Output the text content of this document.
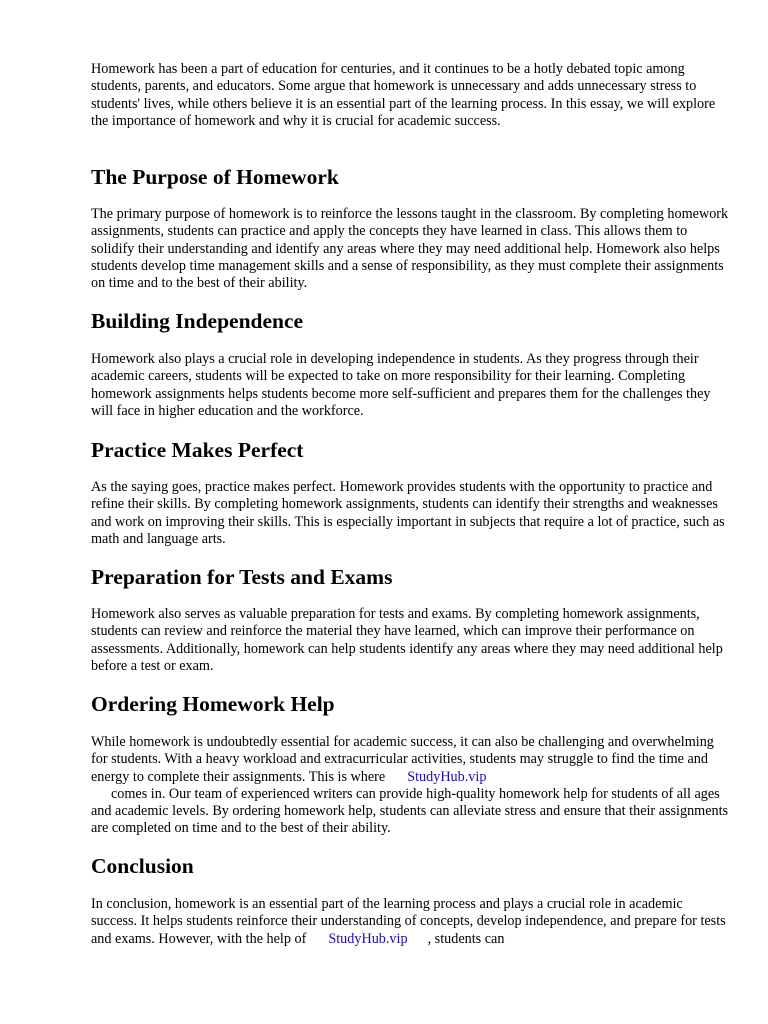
Homework has been a part of education for centuries, and it continues to be a hotly debated topic among students, parents, and educators. Some argue that homework is unnecessary and adds unnecessary stress to students' lives, while others believe it is an essential part of the learning process. In this essay, we will explore the importance of homework and why it is crucial for academic success.

The Purpose of Homework

The primary purpose of homework is to reinforce the lessons taught in the classroom. By completing homework assignments, students can practice and apply the concepts they have learned in class. This allows them to solidify their understanding and identify any areas where they may need additional help. Homework also helps students develop time management skills and a sense of responsibility, as they must complete their assignments on time and to the best of their ability.

Building Independence

Homework also plays a crucial role in developing independence in students. As they progress through their academic careers, students will be expected to take on more responsibility for their learning. Completing homework assignments helps students become more self-sufficient and prepares them for the challenges they will face in higher education and the workforce.

Practice Makes Perfect

As the saying goes, practice makes perfect. Homework provides students with the opportunity to practice and refine their skills. By completing homework assignments, students can identify their strengths and weaknesses and work on improving their skills. This is especially important in subjects that require a lot of practice, such as math and language arts.

Preparation for Tests and Exams

Homework also serves as valuable preparation for tests and exams. By completing homework assignments, students can review and reinforce the material they have learned, which can improve their performance on assessments. Additionally, homework can help students identify any areas where they may need additional help before a test or exam.

Ordering Homework Help

While homework is undoubtedly essential for academic success, it can also be challenging and overwhelming for students. With a heavy workload and extracurricular activities, students may struggle to find the time and energy to complete their assignments. This is where StudyHub.vip
comes in. Our team of experienced writers can provide high-quality homework help for students of all ages and academic levels. By ordering homework help, students can alleviate stress and ensure that their assignments are completed on time and to the best of their ability.

Conclusion

In conclusion, homework is an essential part of the learning process and plays a crucial role in academic success. It helps students reinforce their understanding of concepts, develop independence, and prepare for tests and exams. However, with the help of StudyHub.vip , students can
